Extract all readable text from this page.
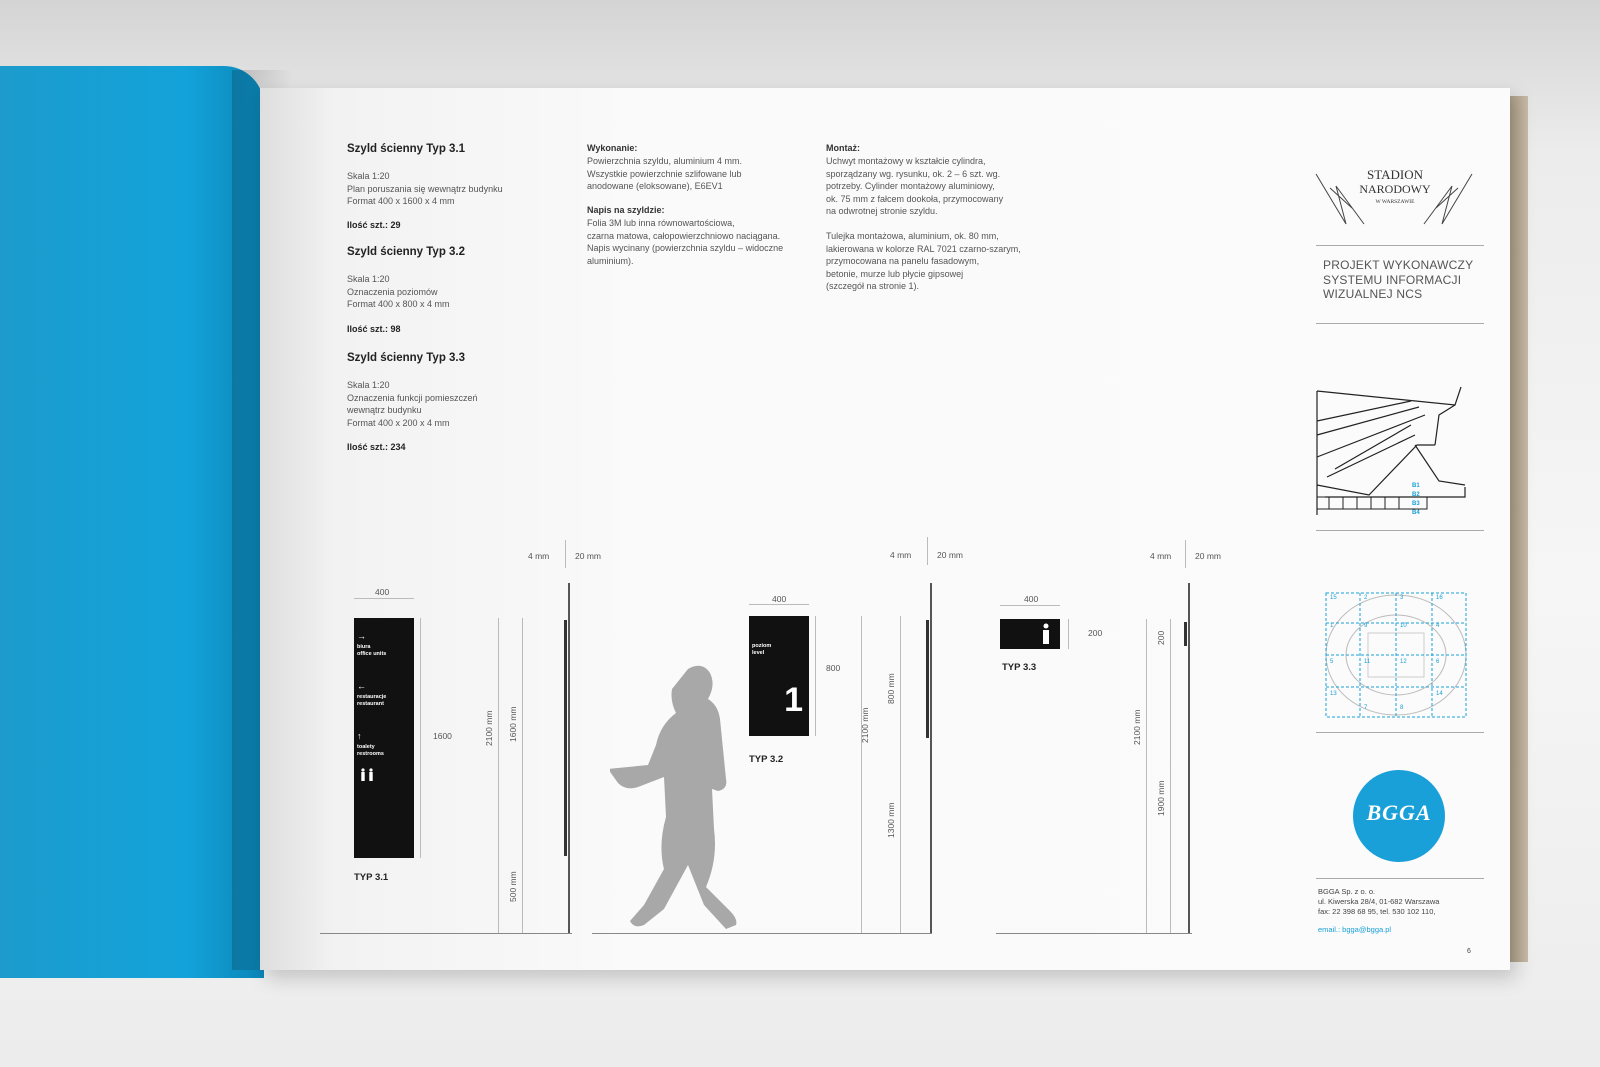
Szyld ścienny Typ 3.1
Skala 1:20
Plan poruszania się wewnątrz budynku
Format 400 x 1600 x 4 mm
Ilość szt.: 29
Szyld ścienny Typ 3.2
Skala 1:20
Oznaczenia poziomów
Format 400 x 800 x 4 mm
Ilość szt.: 98
Szyld ścienny Typ 3.3
Skala 1:20
Oznaczenia funkcji pomieszczeń
wewnątrz budynku
Format 400 x 200 x 4 mm
Ilość szt.: 234
Wykonanie:
Powierzchnia szyldu, aluminium 4 mm.
Wszystkie powierzchnie szlifowane lub
anodowane (eloksowane), E6EV1
Napis na szyldzie:
Folia 3M lub inna równowartościowa,
czarna matowa, całopowierzchniowo naciągana.
Napis wycinany (powierzchnia szyldu – widoczne
aluminium).
Montaż:
Uchwyt montażowy w kształcie cylindra,
sporządzany wg. rysunku, ok. 2 – 6 szt. wg.
potrzeby. Cylinder montażowy aluminiowy,
ok. 75 mm z fałcem dookoła, przymocowany
na odwrotnej stronie szyldu.

Tulejka montażowa, aluminium, ok. 80 mm,
lakierowana w kolorze RAL 7021 czarno-szarym,
przymocowana na panelu fasadowym,
betonie, murze lub płycie gipsowej
(szczegół na stronie 1).
400
→
biura
office units
←
restauracje
restaurant
↑
toalety
restrooms
1600
TYP 3.1
4 mm	20 mm
2100 mm 1600 mm
500 mm
400
poziom
level
1
800
TYP 3.2
4 mm	20 mm
2100 mm
800 mm
1300 mm
400
200
TYP 3.3
4 mm	20 mm
2100 mm
200
1900 mm
STADION
NARODOWY
W WARSZAWIE
PROJEKT WYKONAWCZY
SYSTEMU INFORMACJI
WIZUALNEJ NCS
B1
B2
B3
B4
1
2	3
4
5	6
7	8
9	10
11	12
13	14
15	16
BGGA
BGGA Sp. z o. o.
ul. Kiwerska 28/4, 01-682 Warszawa
fax: 22 398 68 95, tel. 530 102 110,
email.: bgga@bgga.pl
6
